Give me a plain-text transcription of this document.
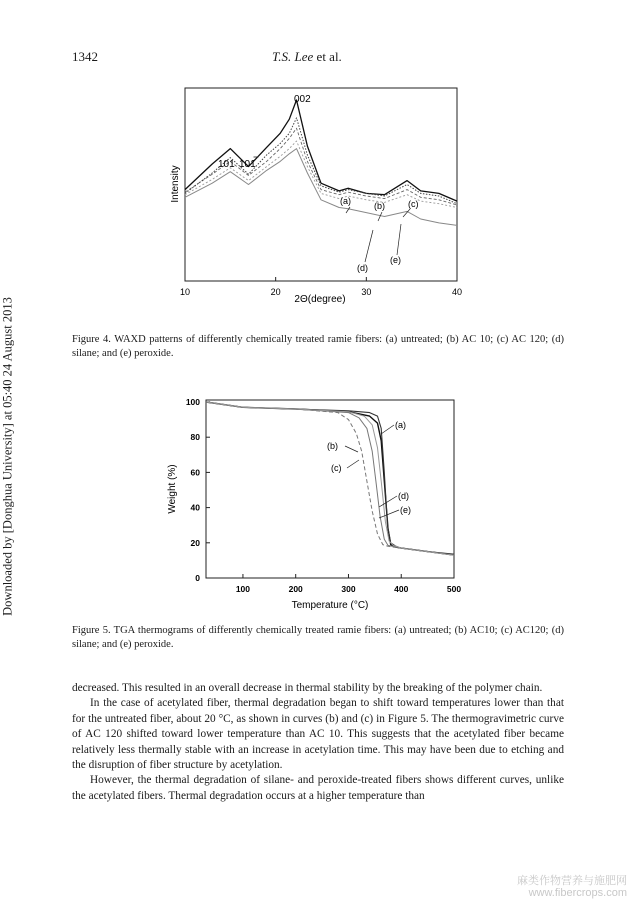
1342	T.S. Lee et al.
Downloaded by [Donghua University] at 05:40 24 August 2013
10	20	30	40
Intensity
2Θ(degree)
101 101
002
(a)	(b)	(c)
(d)
(e)
Figure 4. WAXD patterns of differently chemically treated ramie fibers: (a) untreated; (b) AC 10; (c) AC 120; (d) silane; and (e) peroxide.
100	200	300	400	500
0
20
40
60
80
100
Weight (%)
Temperature (°C)
(a)
(b)
(c)
(d)
(e)
Figure 5. TGA thermograms of differently chemically treated ramie fibers: (a) untreated; (b) AC10; (c) AC120; (d) silane; and (e) peroxide.

decreased. This resulted in an overall decrease in thermal stability by the breaking of the polymer chain.

In the case of acetylated fiber, thermal degradation began to shift toward temperatures lower than that for the untreated fiber, about 20 °C, as shown in curves (b) and (c) in Figure 5. The thermogravimetric curve of AC 120 shifted toward lower temperature than AC 10. This suggests that the acetylated fiber became relatively less thermally stable with an increase in acetylation time. This may have been due to etching and the disruption of fiber structure by acetylation.

However, the thermal degradation of silane- and peroxide-treated fibers shows different curves, unlike the acetylated fibers. Thermal degradation occurs at a higher temperature than

麻类作物营养与施肥网
www.fibercrops.com
